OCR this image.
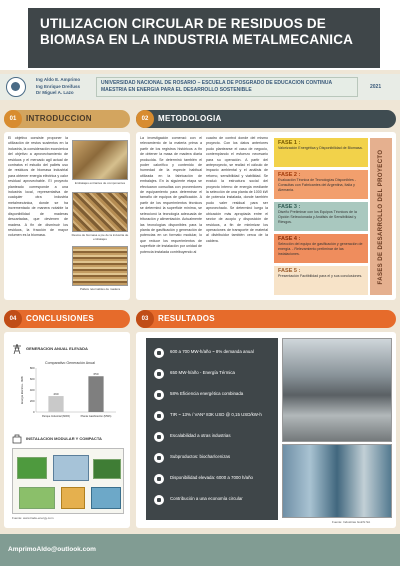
UTILIZACION CIRCULAR DE RESIDUOS DE BIOMASA EN LA INDUSTRIA METALMECANICA
Ing Aldo E. Amprimo
Ing Enrique Dreifuss
Dr Miguel A. Lazo
UNIVERSIDAD NACIONAL DE ROSARIO – ESCUELA DE POSGRADO DE EDUCACION CONTINUA
MAESTRIA EN ENERGIA PARA EL DESARROLLO SOSTENIBLE	2021
01	INTRODUCCION	02	METODOLOGIA
04	CONCLUSIONES	03	RESULTADOS
El objetivo consiste proponer la utilización de restos sustentos en la industria, la consideración económica del objetivo a aprovechamiento de residuos y el mercado agil actual de contratos el estudio del pallets uso de residuos de biomasa industrial para obtener energía eléctrica y calor residual aprovechable. El proyecto planteado corresponde a una industria local, representativa de cualquier otra industria metalmecánica, donde se ha incrementado de manera notable la disponibilidad de maderas descartadas, que devienen de madera. A fin de disminuir los residuos, la fracción de mayor volumen es la biomasa.
Embalajes entrantes de componentes
Restos de biomasa a pie de la industria de embalajes
Pallets retornables de madera
La investigación comenzó con el relevamiento de la materia prima a partir de los registros históricos a fin de obtener la masa de madera diaria producida. Se determinó también el poder calorífico y contenido de humedad de la especie habitual utilizada en la fabricación de embalajes. En la siguiente etapa se efectuaron consultas con proveedores de equipamiento para determinar el tamaño de equipos de gasificación. A partir de los requerimientos técnicos se determinó la superficie mínima, se seleccionó la tecnología adecuada de trituración y alimentación. Actualmente las tecnologías disponibles para la planta de gasificación y generación de potencias en un formato modular, lo que reduce los requerimientos de superficie de instalación por unidad de potencia instalada contribuyendo al
cuadro de control donde del mismo proyecto. Con los datos anteriores pudo plantearse el caso de negocio, contemplando el esfuerzo necesario para su operación. A partir del anteproyecto, se realizó el cálculo de impacto ambiental y el análisis de retorno, sensibilidad y viabilidad. Se evaluó la estructura social del proyecto interno de energía mediante la selección de una planta de 1000 kW de potencia instalada, donde también pudo valer residual para ser aprovechado. Se determinó luego la ubicación más apropiada entre el sector de acopio y disposición de residuos, a fin de minimizar los operaciones de transporte de material al distribuidor también cerca de la caldera.
FASE 1 :
Valorización Energética y Disponibilidad de Biomasa.
FASE 2 :
Evaluación Técnica de Tecnologías Disponibles - Consultas con Fabricantes del Argentina, Italia y Alemania.
FASE 3 :
Diseño Preliminar con los Equipos Técnicos de la Opción Seleccionada y Análisis de Sensibilidad y Riesgos.
FASE 4 :
Selección del equipo de gasificación y generación de energía. - Relevamiento preliminar de las instalaciones.
FASE 5 :
Presentación Factibilidad para el y sus conclusiones.	FASES DE DESARROLLO DEL PROYECTO
GENERACION ANUAL ELEVADA
Comparativo Generación Anual
0
200
400
600
800
Energía Eléctrica - MWh	290
Parque Industrial (MWh)
650
Planta Gasificación (MWh)
INSTALACION MODULAR Y COMPACTA
Fuente: www.trade-energy.com
600 a 700 MW-h/año ~ 8% demanda anual
650 MW-h/año - Energía Térmica
58% Eficiencia energética combinada
TIR ~ 13% / VAN* 83K USD @ 0,15 USD/kW-h
Escalabilidad a otras industrias
Subproductos: biochar/cenizas
Disponibilidad elevada: 6000 a 7000 h/año
Contribución a una economía circular
Fuente: Industrias Gulchi SA
AmprimoAldo@outlook.com
